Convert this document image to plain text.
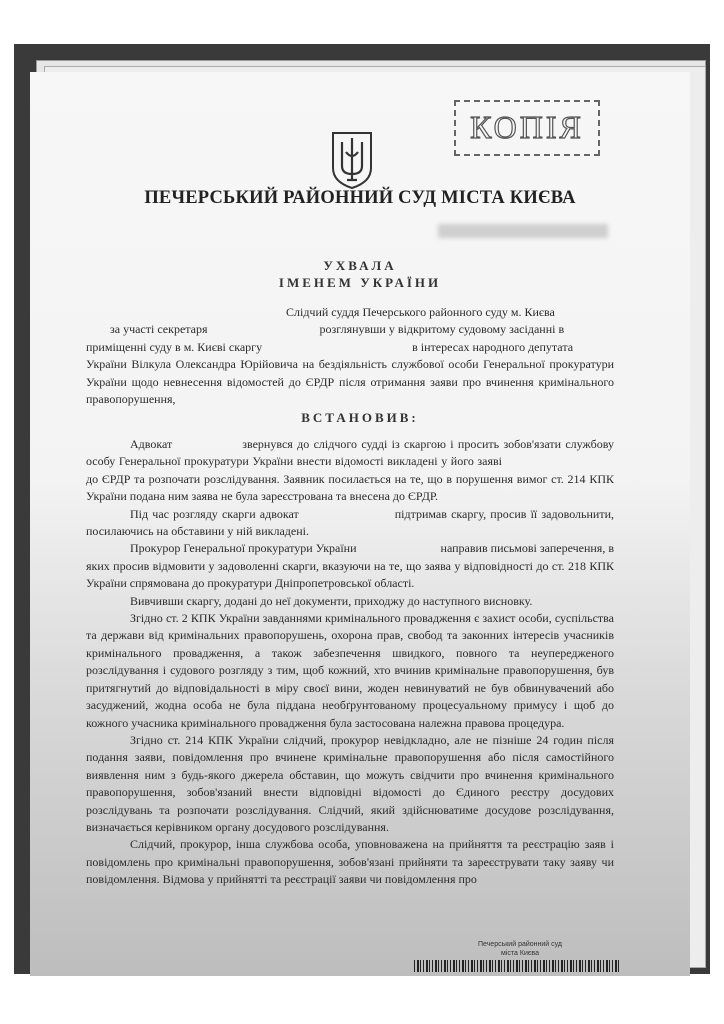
КОПІЯ
ПЕЧЕРСЬКИЙ РАЙОННИЙ СУД МІСТА КИЄВА
УХВАЛА
ІМЕНЕМ УКРАЇНИ

Слідчий суддя Печерського районного суду м. Києва

за участі секретаря	розглянувши у відкритому судовому засіданні в

приміщенні суду в м. Києві скаргу	в інтересах народного депутата

України Вілкула Олександра Юрійовича на бездіяльність службової особи Генеральної прокуратури України щодо невнесення відомостей до ЄРДР після отримання заяви про вчинення кримінального правопорушення,

ВСТАНОВИВ:

Адвокат	звернувся до слідчого судді із скаргою і просить зобов'язати службову особу Генеральної прокуратури України внести відомості викладені у його заявідо ЄРДР та розпочати розслідування. Заявник посилається на те, що в порушення вимог ст. 214 КПК України подана ним заява не була зареєстрована та внесена до ЄРДР.

Під час розгляду скарги адвокат	підтримав скаргу, просив її задовольнити, посилаючись на обставини у ній викладені.

Прокурор Генеральної прокуратури України	направив письмові заперечення, в яких просив відмовити у задоволенні скарги, вказуючи на те, що заява у відповідності до ст. 218 КПК України спрямована до прокуратури Дніпропетровської області.

Вивчивши скаргу, додані до неї документи, приходжу до наступного висновку.

Згідно ст. 2 КПК України завданнями кримінального провадження є захист особи, суспільства та держави від кримінальних правопорушень, охорона прав, свобод та законних інтересів учасників кримінального провадження, а також забезпечення швидкого, повного та неупередженого розслідування і судового розгляду з тим, щоб кожний, хто вчинив кримінальне правопорушення, був притягнутий до відповідальності в міру своєї вини, жоден невинуватий не був обвинувачений або засуджений, жодна особа не була піддана необґрунтованому процесуальному примусу і щоб до кожного учасника кримінального провадження була застосована належна правова процедура.

Згідно ст. 214 КПК України слідчий, прокурор невідкладно, але не пізніше 24 годин після подання заяви, повідомлення про вчинене кримінальне правопорушення або після самостійного виявлення ним з будь-якого джерела обставин, що можуть свідчити про вчинення кримінального правопорушення, зобов'язаний внести відповідні відомості до Єдиного реєстру досудових розслідувань та розпочати розслідування. Слідчий, який здійснюватиме досудове розслідування, визначається керівником органу досудового розслідування.

Слідчий, прокурор, інша службова особа, уповноважена на прийняття та реєстрацію заяв і повідомлень про кримінальні правопорушення, зобов'язані прийняти та зареєструвати таку заяву чи повідомлення. Відмова у прийнятті та реєстрації заяви чи повідомлення про

Печерський районний суд
міста Києва
